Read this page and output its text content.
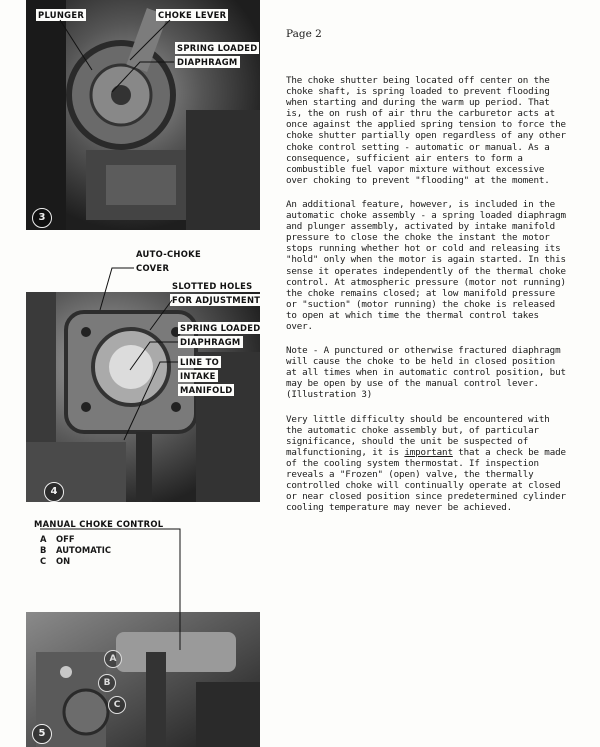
3
PLUNGER	CHOKE LEVER
SPRING LOADED
DIAPHRAGM
4
AUTO-CHOKE
COVER
SLOTTED HOLES
FOR ADJUSTMENT
SPRING LOADED
DIAPHRAGM
LINE TO
INTAKE
MANIFOLD
MANUAL CHOKE CONTROL
A OFF
B AUTOMATIC
C ON
A
B
C
5
Page 2

The choke shutter being located off center on the choke shaft, is spring loaded to prevent flooding when starting and during the warm up period. That is, the on rush of air thru the carburetor acts at once against the applied spring tension to force the choke shutter partially open regardless of any other choke control setting - automatic or manual. As a consequence, sufficient air enters to form a combustible fuel vapor mixture without excessive over choking to prevent "flooding" at the moment.

An additional feature, however, is included in the automatic choke assembly - a spring loaded diaphragm and plunger assembly, activated by intake manifold pressure to close the choke the instant the motor stops running whether hot or cold and releasing its "hold" only when the motor is again started. In this sense it operates independently of the thermal choke control. At atmospheric pressure (motor not running) the choke remains closed; at low manifold pressure or "suction" (motor running) the choke is released to open at which time the thermal control takes over.

Note - A punctured or otherwise fractured diaphragm will cause the choke to be held in closed position at all times when in automatic control position, but may be open by use of the manual control lever. (Illustration 3)

Very little difficulty should be encountered with the automatic choke assembly but, of particular significance, should the unit be suspected of malfunctioning, it is important that a check be made of the cooling system thermostat. If inspection reveals a "Frozen" (open) valve, the thermally controlled choke will continually operate at closed or near closed position since predetermined cylinder cooling temperature may never be achieved.
